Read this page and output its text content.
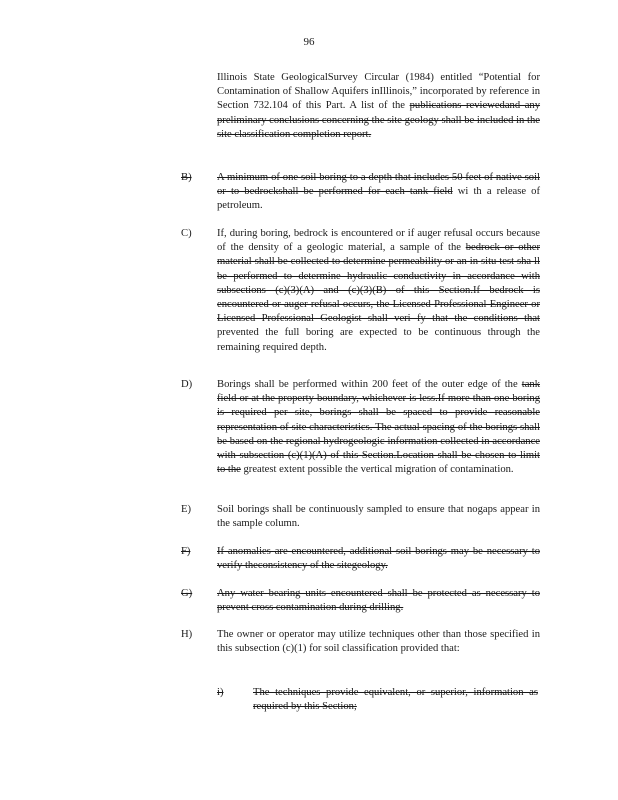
96
Illinois State GeologicalSurvey Circular (1984) entitled “Potential for Contamination of Shallow Aquifers inIllinois,” incorporated by reference in Section 732.104 of this Part. A list of the publications reviewedand any preliminary conclusions concerning the site geology shall be included in the site classification completion report.
B) A minimum of one soil boring to a depth that includes 50 feet of native soil or to bedrockshall be performed for each tank field wi th a release of petroleum.
C) If, during boring, bedrock is encountered or if auger refusal occurs because of the density of a geologic material, a sample of the bedrock or other material shall be collected to determine permeability or an in situ test sha ll be performed to determine hydraulic conductivity in accordance with subsections (c)(3)(A) and (c)(3)(B) of this Section.If bedrock is encountered or auger refusal occurs, the Licensed Professional Engineer or Licensed Professional Geologist shall veri fy that the conditions that prevented the full boring are expected to be continuous through the remaining required depth.
D) Borings shall be performed within 200 feet of the outer edge of the tank field or at the property boundary, whichever is less.If more than one boring is required per site, borings shall be spaced to provide reasonable representation of site characteristics. The actual spacing of the borings shall be based on the regional hydrogeologic information collected in accordance with subsection (c)(1)(A) of this Section.Location shall be chosen to limit to the greatest extent possible the vertical migration of contamination.
E) Soil borings shall be continuously sampled to ensure that nogaps appear in the sample column.
F)	If anomalies are encountered, additional soil borings may be necessary to verify theconsistency of the sitegeology.
G) Any water bearing units encountered shall be protected as necessary to prevent cross contamination during drilling.
H) The owner or operator may utilize techniques other than those specified in this subsection (c)(1) for soil classification provided that:
i)	The techniques provide equivalent, or superior, information as required by this Section;
